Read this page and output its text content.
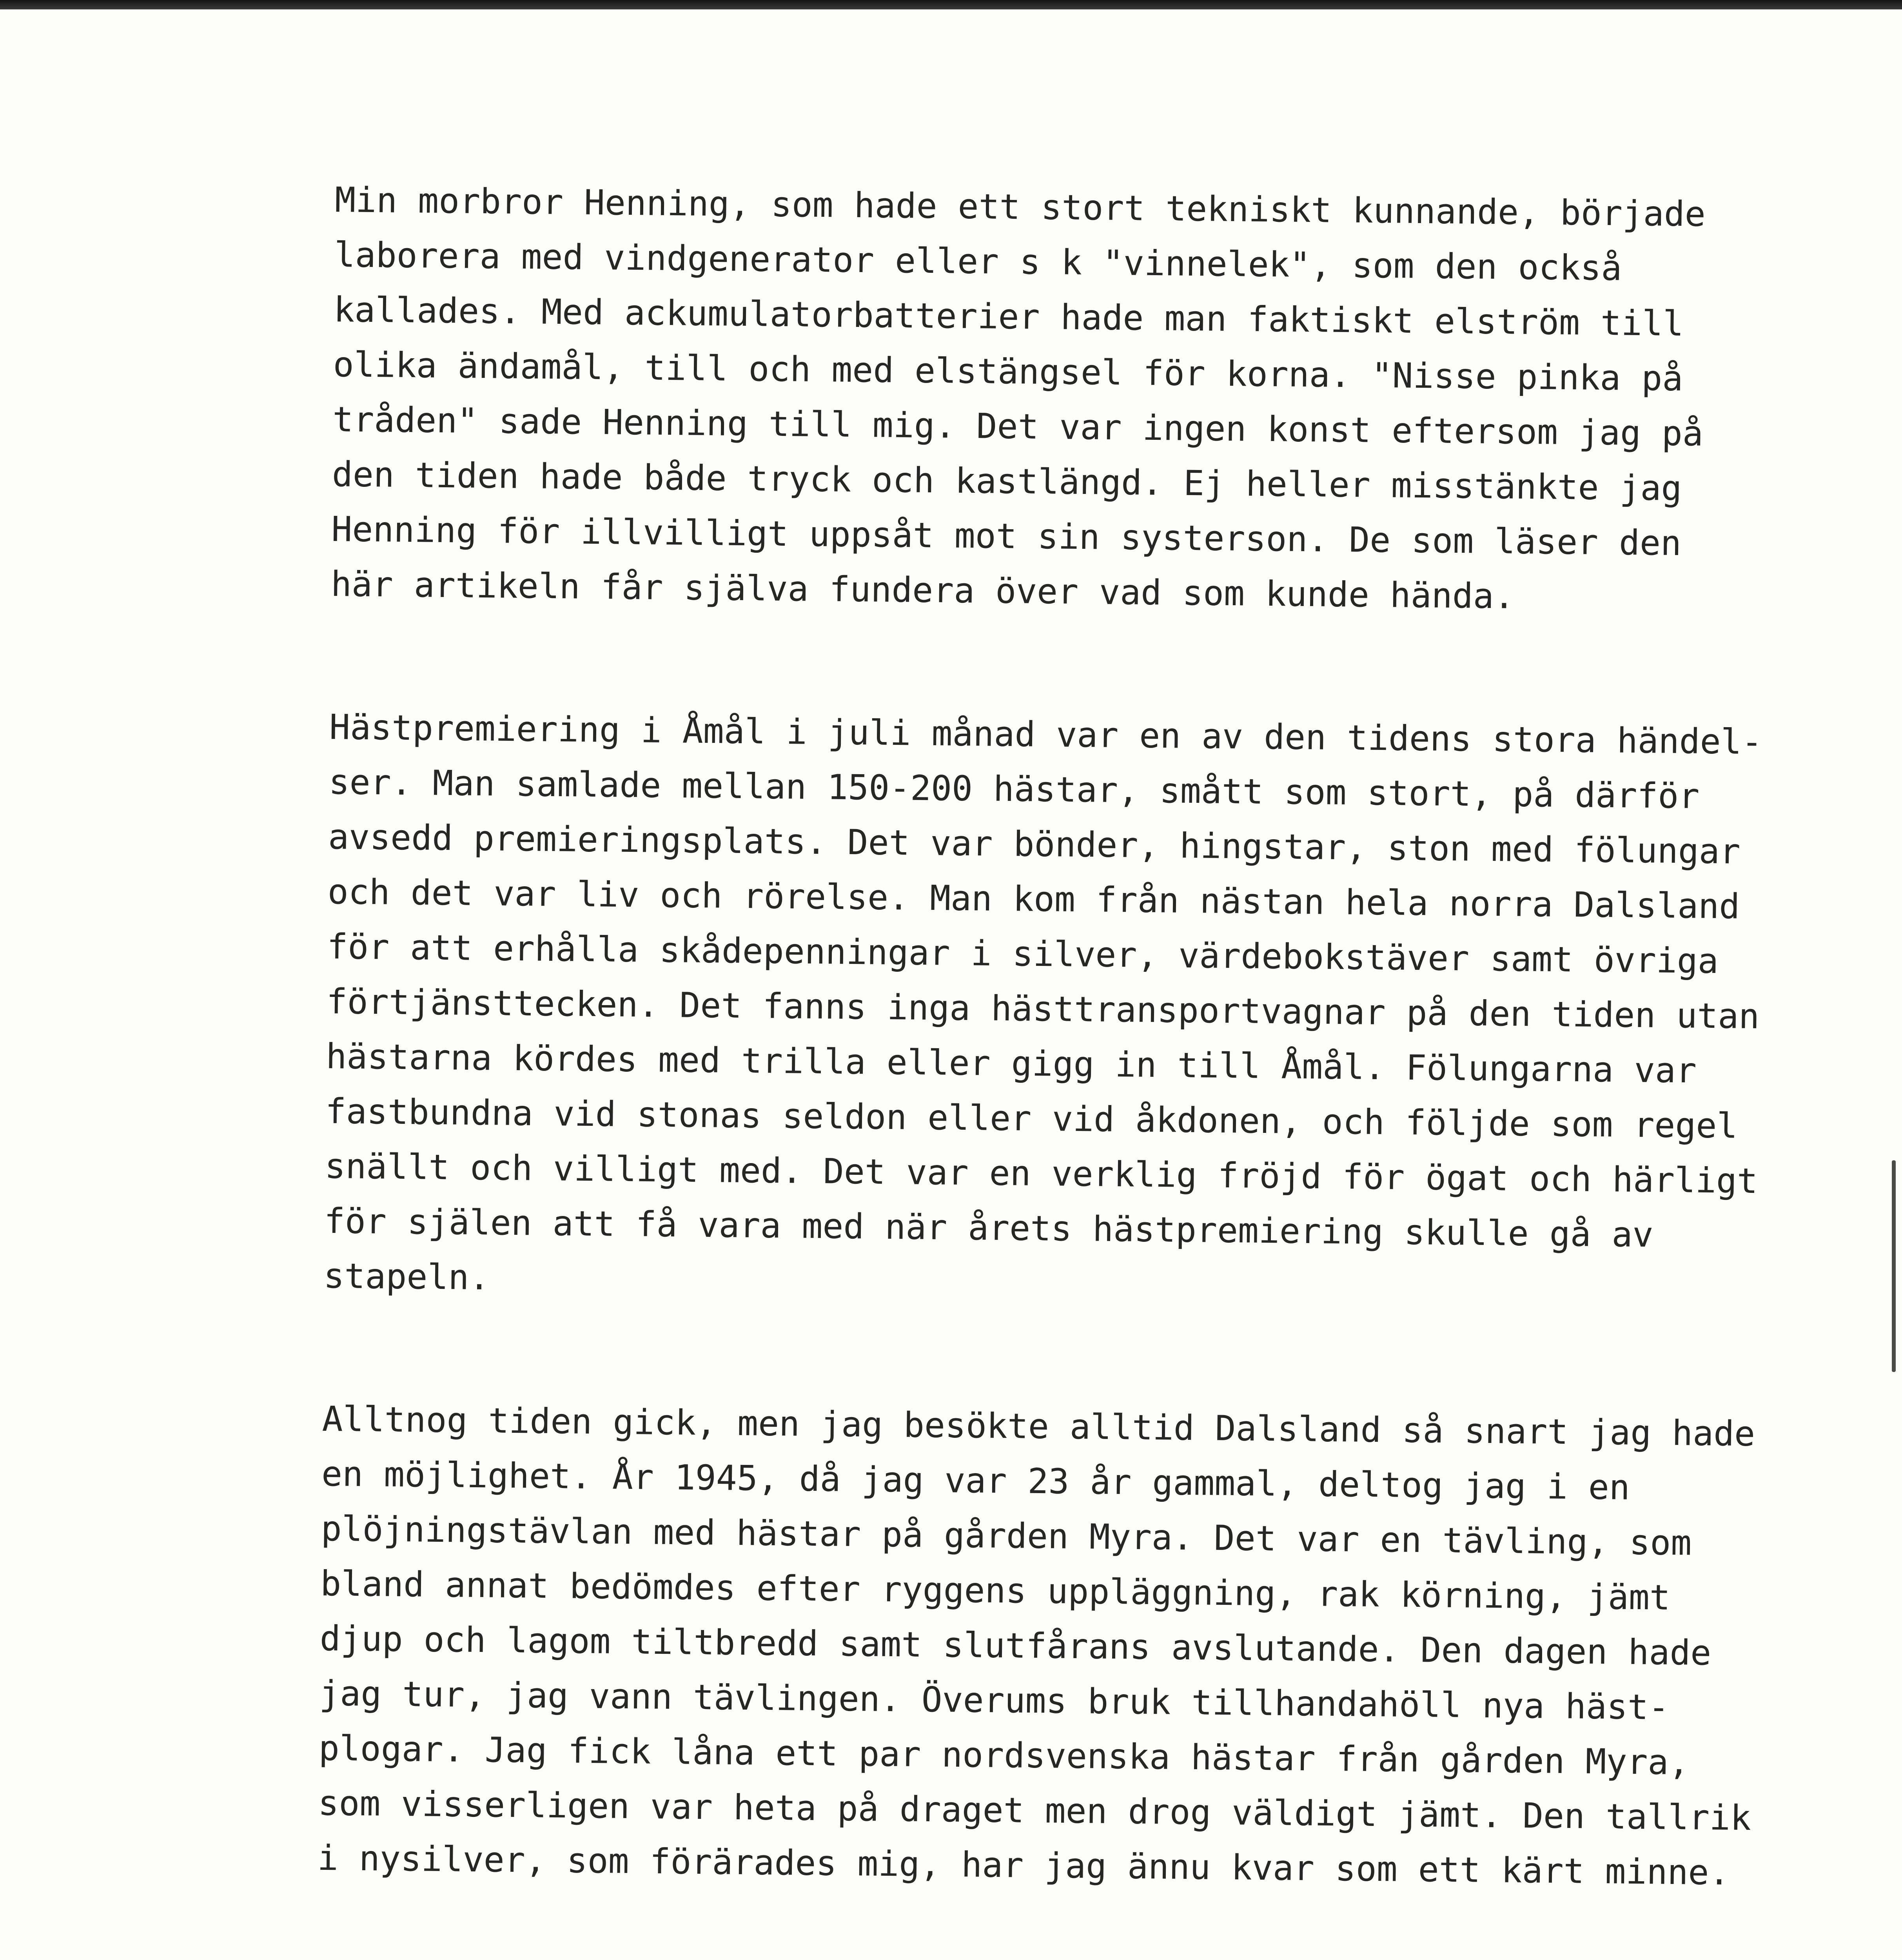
Min morbror Henning, som hade ett stort tekniskt kunnande, började
laborera med vindgenerator eller s k "vinnelek", som den också
kallades. Med ackumulatorbatterier hade man faktiskt elström till
olika ändamål, till och med elstängsel för korna. "Nisse pinka på
tråden" sade Henning till mig. Det var ingen konst eftersom jag på
den tiden hade både tryck och kastlängd. Ej heller misstänkte jag
Henning för illvilligt uppsåt mot sin systerson. De som läser den
här artikeln får själva fundera över vad som kunde hända.
Hästpremiering i Åmål i juli månad var en av den tidens stora händel-
ser. Man samlade mellan 150-200 hästar, smått som stort, på därför
avsedd premieringsplats. Det var bönder, hingstar, ston med fölungar
och det var liv och rörelse. Man kom från nästan hela norra Dalsland
för att erhålla skådepenningar i silver, värdebokstäver samt övriga
förtjänsttecken. Det fanns inga hästtransportvagnar på den tiden utan
hästarna kördes med trilla eller gigg in till Åmål. Fölungarna var
fastbundna vid stonas seldon eller vid åkdonen, och följde som regel
snällt och villigt med. Det var en verklig fröjd för ögat och härligt
för själen att få vara med när årets hästpremiering skulle gå av
stapeln.
Alltnog tiden gick, men jag besökte alltid Dalsland så snart jag hade
en möjlighet. År 1945, då jag var 23 år gammal, deltog jag i en
plöjningstävlan med hästar på gården Myra. Det var en tävling, som
bland annat bedömdes efter ryggens uppläggning, rak körning, jämt
djup och lagom tiltbredd samt slutfårans avslutande. Den dagen hade
jag tur, jag vann tävlingen. Överums bruk tillhandahöll nya häst-
plogar. Jag fick låna ett par nordsvenska hästar från gården Myra,
som visserligen var heta på draget men drog väldigt jämt. Den tallrik
i nysilver, som förärades mig, har jag ännu kvar som ett kärt minne.
